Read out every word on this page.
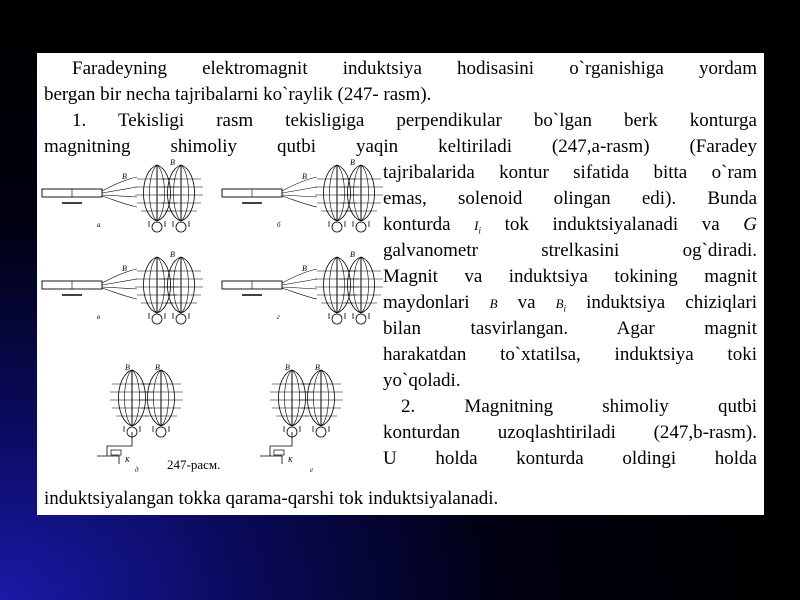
Faradeyning elektromagnit induktsiya hodisasini o`rganishiga yordam
bergan bir necha tajribalarni ko`raylik (247- rasm).
1. Tekisligi rasm tekisligiga perpendikular bo`lgan berk konturga
magnitning shimoliy qutbi yaqin keltiriladi (247,a-rasm) (Faradey
tajribalarida kontur sifatida bitta o`ram
emas, solenoid olingan edi). Bunda
konturda $I_i$ tok induktsiyalanadi va G
galvanometr strelkasini og`diradi.
Magnit va induktsiya tokining magnit
maydonlari B va $B_i$ induktsiya chiziqlari
bilan tasvirlangan. Agar magnit
harakatdan to`xtatilsa, induktsiya toki
yo`qoladi.
2. Magnitning shimoliy qutbi
konturdan uzoqlashtiriladi (247,b-rasm).
U holda konturda oldingi holda
induktsiyalangan tokka qarama-qarshi tok induktsiyalanadi.
B
B
a
B
B
б
B
B
в
B
B
г
B	B
K
д
B	B
K
е
247-расм.
